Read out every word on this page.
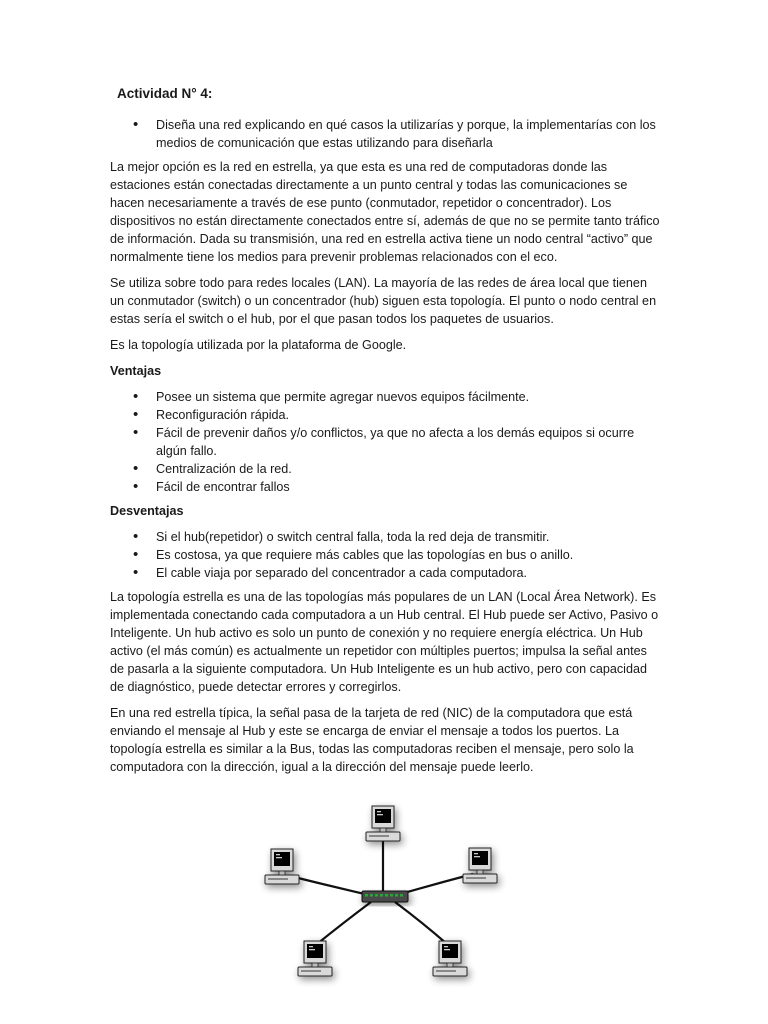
Actividad N° 4:
• Diseña una red explicando en qué casos la utilizarías y porque, la implementarías con los medios de comunicación que estas utilizando para diseñarla

La mejor opción es la red en estrella, ya que esta es una red de computadoras donde las estaciones están conectadas directamente a un punto central y todas las comunicaciones se hacen necesariamente a través de ese punto (conmutador, repetidor o concentrador). Los dispositivos no están directamente conectados entre sí, además de que no se permite tanto tráfico de información. Dada su transmisión, una red en estrella activa tiene un nodo central “activo” que normalmente tiene los medios para prevenir problemas relacionados con el eco.

Se utiliza sobre todo para redes locales (LAN). La mayoría de las redes de área local que tienen un conmutador (switch) o un concentrador (hub) siguen esta topología. El punto o nodo central en estas sería el switch o el hub, por el que pasan todos los paquetes de usuarios.

Es la topología utilizada por la plataforma de Google.

Ventajas
• Posee un sistema que permite agregar nuevos equipos fácilmente.
• Reconfiguración rápida.
• Fácil de prevenir daños y/o conflictos, ya que no afecta a los demás equipos si ocurre algún fallo.
• Centralización de la red.
• Fácil de encontrar fallos
Desventajas
• Si el hub(repetidor) o switch central falla, toda la red deja de transmitir.
• Es costosa, ya que requiere más cables que las topologías en bus o anillo.
• El cable viaja por separado del concentrador a cada computadora.

La topología estrella es una de las topologías más populares de un LAN (Local Área Network). Es implementada conectando cada computadora a un Hub central. El Hub puede ser Activo, Pasivo o Inteligente. Un hub activo es solo un punto de conexión y no requiere energía eléctrica. Un Hub activo (el más común) es actualmente un repetidor con múltiples puertos; impulsa la señal antes de pasarla a la siguiente computadora. Un Hub Inteligente es un hub activo, pero con capacidad de diagnóstico, puede detectar errores y corregirlos.

En una red estrella típica, la señal pasa de la tarjeta de red (NIC) de la computadora que está enviando el mensaje al Hub y este se encarga de enviar el mensaje a todos los puertos. La topología estrella es similar a la Bus, todas las computadoras reciben el mensaje, pero solo la computadora con la dirección, igual a la dirección del mensaje puede leerlo.
